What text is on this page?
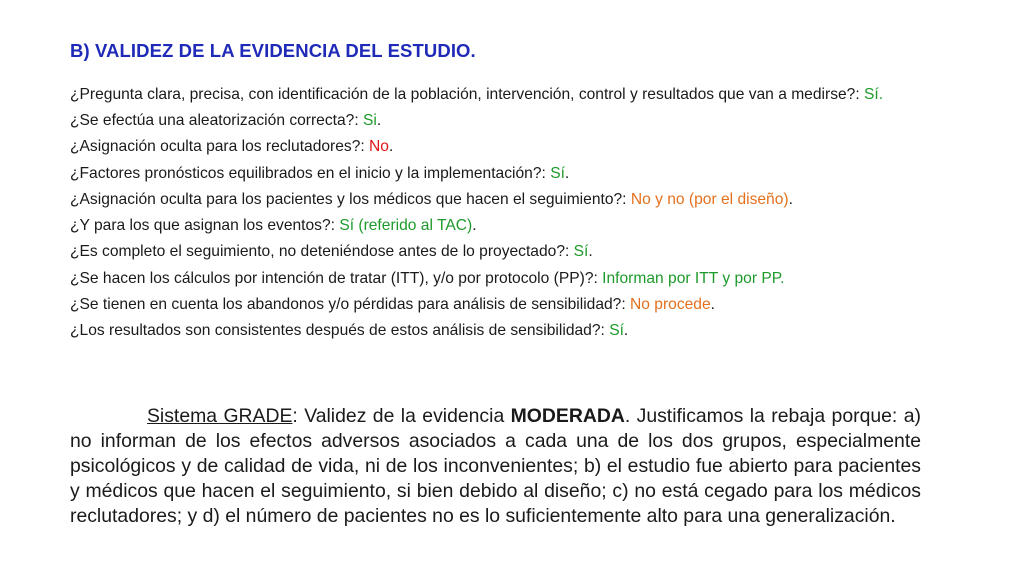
B) VALIDEZ DE LA EVIDENCIA DEL ESTUDIO.

¿Pregunta clara, precisa, con identificación de la población, intervención, control y resultados que van a medirse?: Sí.

¿Se efectúa una aleatorización correcta?: Si.

¿Asignación oculta para los reclutadores?: No.

¿Factores pronósticos equilibrados en el inicio y la implementación?: Sí.

¿Asignación oculta para los pacientes y los médicos que hacen el seguimiento?: No y no (por el diseño).

¿Y para los que asignan los eventos?: Sí (referido al TAC).

¿Es completo el seguimiento, no deteniéndose antes de lo proyectado?: Sí.

¿Se hacen los cálculos por intención de tratar (ITT), y/o por protocolo (PP)?: Informan por ITT y por PP.

¿Se tienen en cuenta los abandonos y/o pérdidas para análisis de sensibilidad?: No procede.

¿Los resultados son consistentes después de estos análisis de sensibilidad?: Sí.

Sistema GRADE: Validez de la evidencia MODERADA. Justificamos la rebaja porque: a) no informan de los efectos adversos asociados a cada una de los dos grupos, especialmente psicológicos y de calidad de vida, ni de los inconvenientes; b) el estudio fue abierto para pacientes y médicos que hacen el seguimiento, si bien debido al diseño; c) no está cegado para los médicos reclutadores; y d) el número de pacientes no es lo suficientemente alto para una generalización.
